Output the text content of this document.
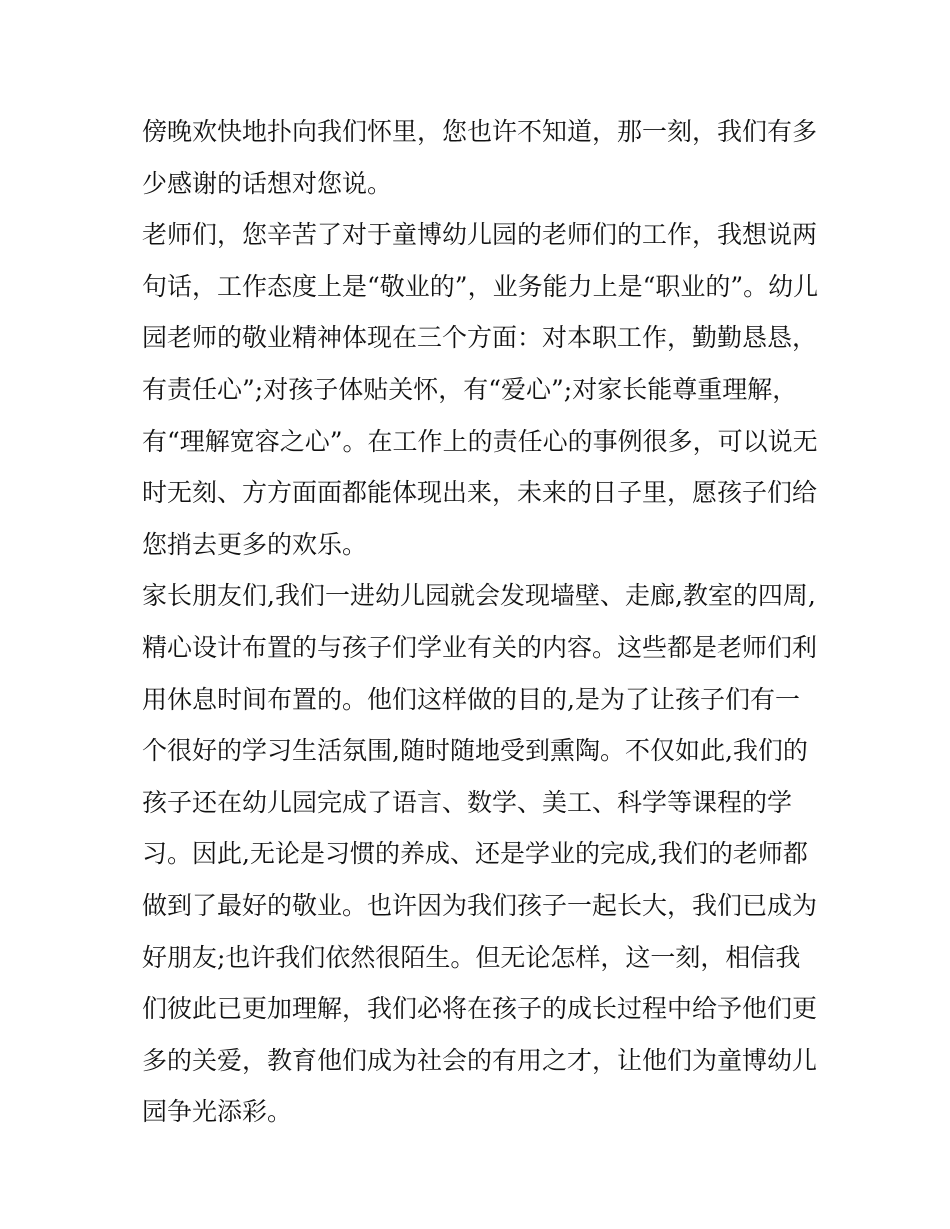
傍晚欢快地扑向我们怀里，您也许不知道，那一刻，我们有多
少感谢的话想对您说。
老师们，您辛苦了对于童博幼儿园的老师们的工作，我想说两
句话，工作态度上是“敬业的”，业务能力上是“职业的”。幼儿
园老师的敬业精神体现在三个方面：对本职工作，勤勤恳恳，
有责任心”;对孩子体贴关怀，有“爱心”;对家长能尊重理解，
有“理解宽容之心”。在工作上的责任心的事例很多，可以说无
时无刻、方方面面都能体现出来，未来的日子里，愿孩子们给
您捎去更多的欢乐。
家长朋友们,我们一进幼儿园就会发现墙壁、走廊,教室的四周,
精心设计布置的与孩子们学业有关的内容。这些都是老师们利
用休息时间布置的。他们这样做的目的,是为了让孩子们有一
个很好的学习生活氛围,随时随地受到熏陶。不仅如此,我们的
孩子还在幼儿园完成了语言、数学、美工、科学等课程的学
习。因此,无论是习惯的养成、还是学业的完成,我们的老师都
做到了最好的敬业。也许因为我们孩子一起长大，我们已成为
好朋友;也许我们依然很陌生。但无论怎样，这一刻，相信我
们彼此已更加理解，我们必将在孩子的成长过程中给予他们更
多的关爱，教育他们成为社会的有用之才，让他们为童博幼儿
园争光添彩。
